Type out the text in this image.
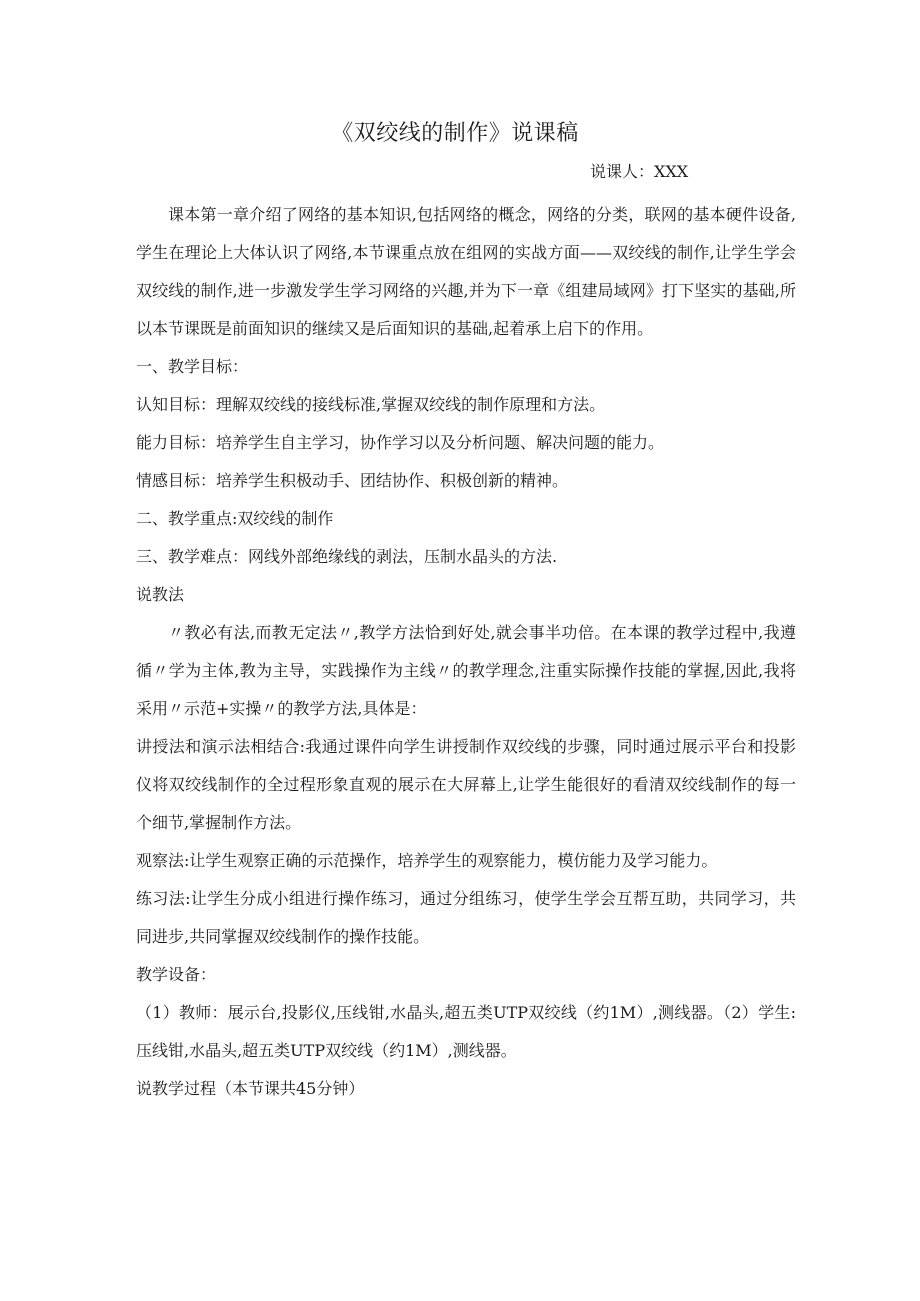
《双绞线的制作》说课稿
说课人：XXX

课本第一章介绍了网络的基本知识,包括网络的概念，网络的分类，联网的基本硬件设备,学生在理论上大体认识了网络,本节课重点放在组网的实战方面——双绞线的制作,让学生学会双绞线的制作,进一步激发学生学习网络的兴趣,并为下一章《组建局域网》打下坚实的基础,所以本节课既是前面知识的继续又是后面知识的基础,起着承上启下的作用。

一、教学目标：

认知目标：理解双绞线的接线标准,掌握双绞线的制作原理和方法。

能力目标：培养学生自主学习，协作学习以及分析问题、解决问题的能力。

情感目标：培养学生积极动手、团结协作、积极创新的精神。

二、教学重点:双绞线的制作

三、教学难点：网线外部绝缘线的剥法，压制水晶头的方法.

说教法

〃教必有法,而教无定法〃,教学方法恰到好处,就会事半功倍。在本课的教学过程中,我遵循〃学为主体,教为主导，实践操作为主线〃的教学理念,注重实际操作技能的掌握,因此,我将采用〃示范+实操〃的教学方法,具体是：

讲授法和演示法相结合:我通过课件向学生讲授制作双绞线的步骤，同时通过展示平台和投影仪将双绞线制作的全过程形象直观的展示在大屏幕上,让学生能很好的看清双绞线制作的每一个细节,掌握制作方法。

观察法:让学生观察正确的示范操作，培养学生的观察能力，模仿能力及学习能力。

练习法:让学生分成小组进行操作练习，通过分组练习，使学生学会互帮互助，共同学习，共同进步,共同掌握双绞线制作的操作技能。

教学设备：

（1）教师：展示台,投影仪,压线钳,水晶头,超五类UTP双绞线（约1M）,测线器。（2）学生:压线钳,水晶头,超五类UTP双绞线（约1M）,测线器。

说教学过程（本节课共45分钟）
